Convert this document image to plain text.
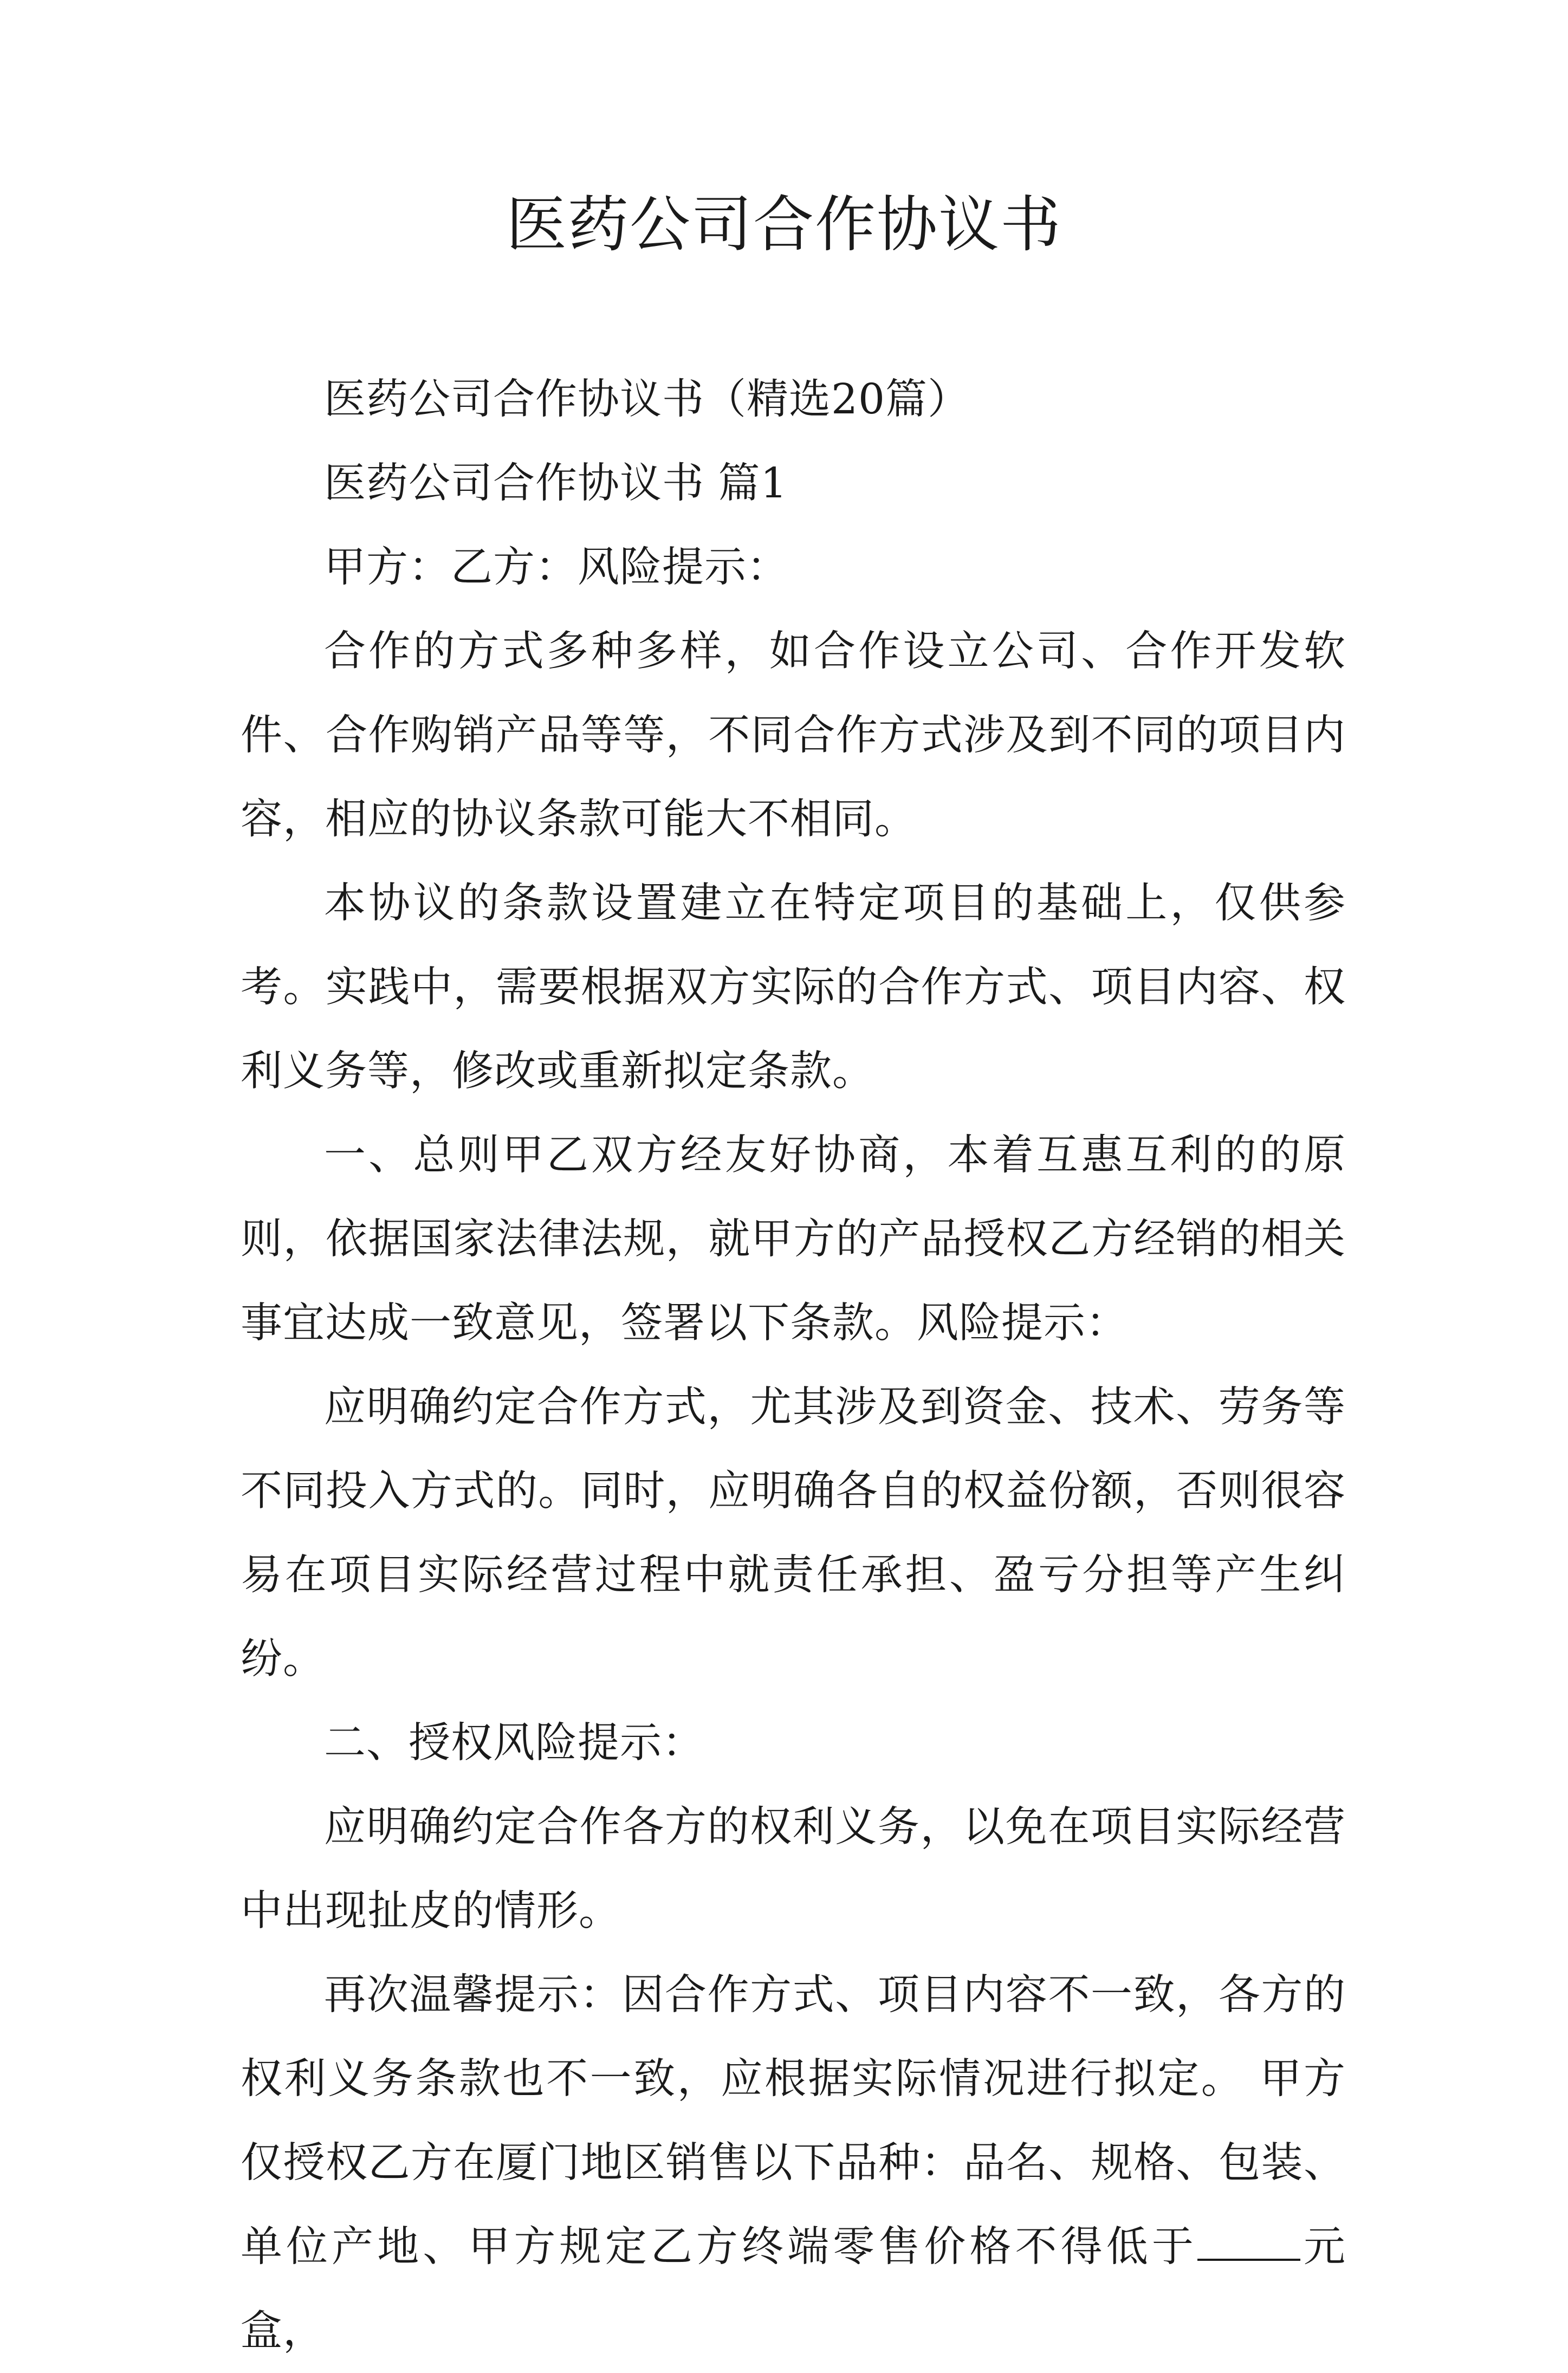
医药公司合作协议书

医药公司合作协议书（精选20篇）

医药公司合作协议书 篇1

甲方：乙方：风险提示：

合作的方式多种多样，如合作设立公司、合作开发软件、合作购销产品等等，不同合作方式涉及到不同的项目内容，相应的协议条款可能大不相同。

本协议的条款设置建立在特定项目的基础上，仅供参考。实践中，需要根据双方实际的合作方式、项目内容、权利义务等，修改或重新拟定条款。

一、总则甲乙双方经友好协商，本着互惠互利的的原则，依据国家法律法规，就甲方的产品授权乙方经销的相关事宜达成一致意见，签署以下条款。风险提示：

应明确约定合作方式，尤其涉及到资金、技术、劳务等不同投入方式的。同时，应明确各自的权益份额，否则很容易在项目实际经营过程中就责任承担、盈亏分担等产生纠纷。

二、授权风险提示：

应明确约定合作各方的权利义务，以免在项目实际经营中出现扯皮的情形。

再次温馨提示：因合作方式、项目内容不一致，各方的权利义务条款也不一致，应根据实际情况进行拟定。 甲方仅授权乙方在厦门地区销售以下品种：品名、规格、包装、单位产地、甲方规定乙方终端零售价格不得低于 元盒，
